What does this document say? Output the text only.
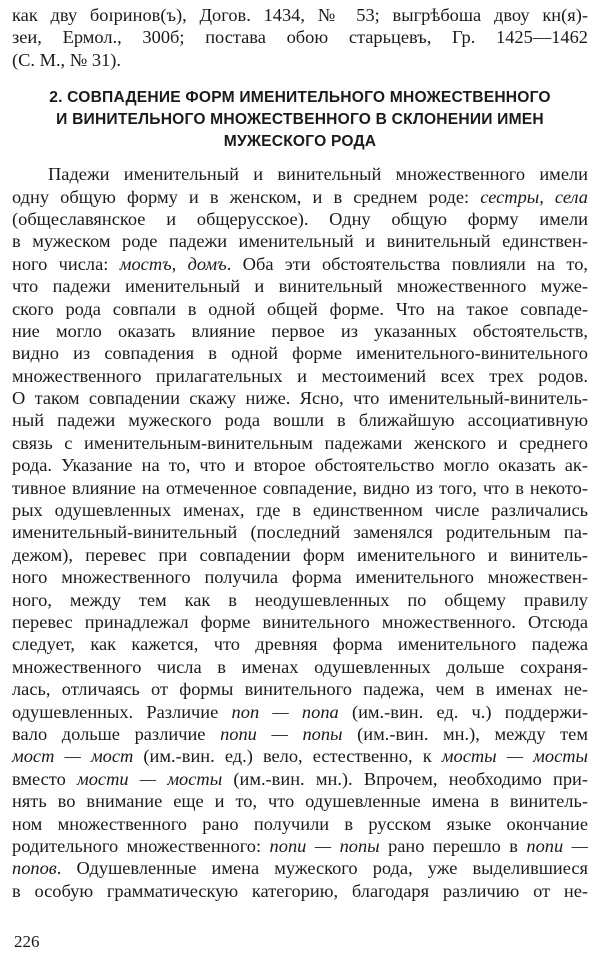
как дву боɪринов(ъ), Догов. 1434, № 53; выгрѣбоша двоу кн(я)-
зеи, Ермол., 300б; постава обою старьцевъ, Гр. 1425—1462
(С. М., № 31).
2. СОВПАДЕНИЕ ФОРМ ИМЕНИТЕЛЬНОГО МНОЖЕСТВЕННОГО
И ВИНИТЕЛЬНОГО МНОЖЕСТВЕННОГО В СКЛОНЕНИИ ИМЕН
МУЖЕСКОГО РОДА
Падежи именительный и винительный множественного имели
одну общую форму и в женском, и в среднем роде: сестры, села
(общеславянское и общерусское). Одну общую форму имели
в мужеском роде падежи именительный и винительный единствен-
ного числа: мостъ, домъ. Оба эти обстоятельства повлияли на то,
что падежи именительный и винительный множественного муже-
ского рода совпали в одной общей форме. Что на такое совпаде-
ние могло оказать влияние первое из указанных обстоятельств,
видно из совпадения в одной форме именительного-винительного
множественного прилагательных и местоимений всех трех родов.
О таком совпадении скажу ниже. Ясно, что именительный-винитель-
ный падежи мужеского рода вошли в ближайшую ассоциативную
связь с именительным-винительным падежами женского и среднего
рода. Указание на то, что и второе обстоятельство могло оказать ак-
тивное влияние на отмеченное совпадение, видно из того, что в некото-
рых одушевленных именах, где в единственном числе различались
именительный-винительный (последний заменялся родительным па-
дежом), перевес при совпадении форм именительного и винитель-
ного множественного получила форма именительного множествен-
ного, между тем как в неодушевленных по общему правилу
перевес принадлежал форме винительного множественного. Отсюда
следует, как кажется, что древняя форма именительного падежа
множественного числа в именах одушевленных дольше сохраня-
лась, отличаясь от формы винительного падежа, чем в именах не-
одушевленных. Различие поп — попа (им.-вин. ед. ч.) поддержи-
вало дольше различие попи — попы (им.-вин. мн.), между тем
мост — мост (им.-вин. ед.) вело, естественно, к мосты — мосты
вместо мости — мосты (им.-вин. мн.). Впрочем, необходимо при-
нять во внимание еще и то, что одушевленные имена в винитель-
ном множественного рано получили в русском языке окончание
родительного множественного: попи — попы рано перешло в попи —
попов. Одушевленные имена мужеского рода, уже выделившиеся
в особую грамматическую категорию, благодаря различию от не-
226
